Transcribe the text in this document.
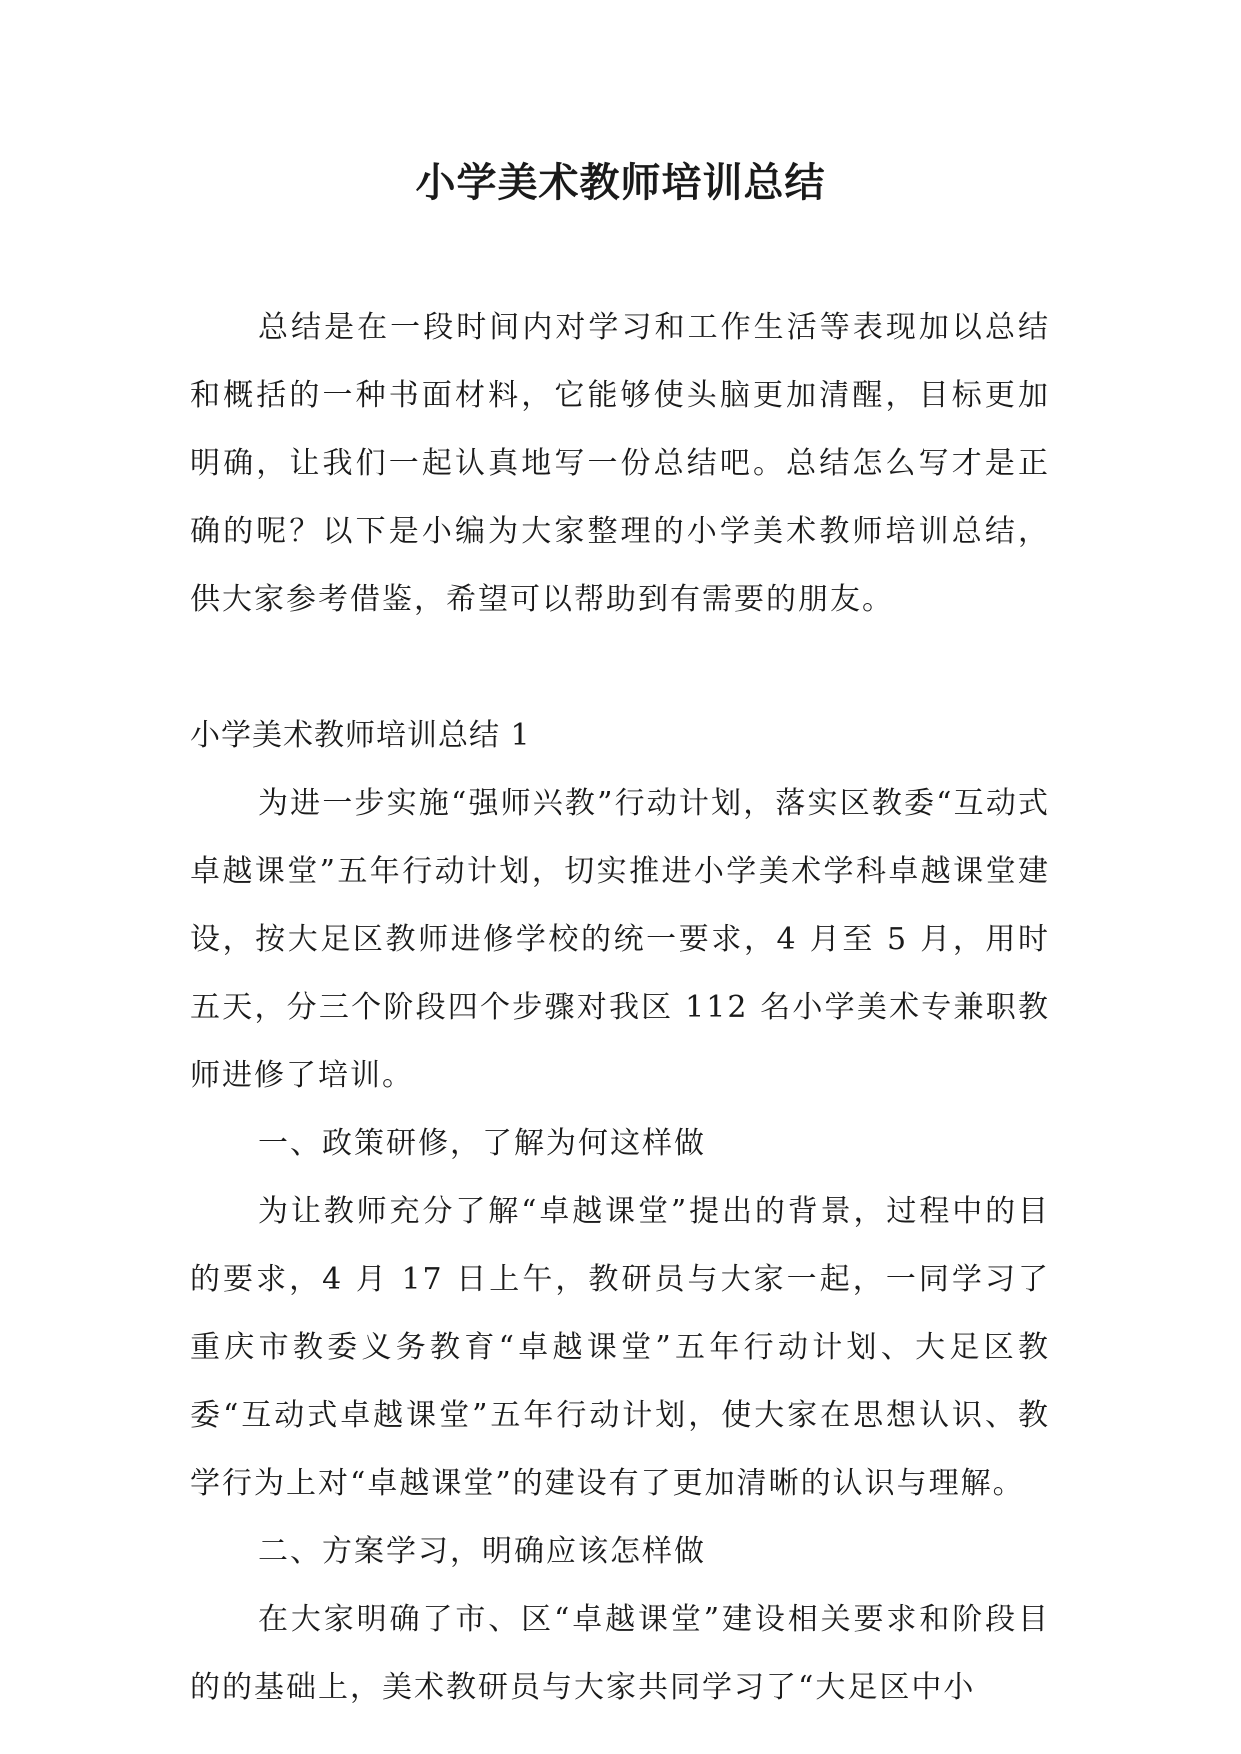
小学美术教师培训总结

总结是在一段时间内对学习和工作生活等表现加以总结和概括的一种书面材料，它能够使头脑更加清醒，目标更加明确，让我们一起认真地写一份总结吧。总结怎么写才是正确的呢？以下是小编为大家整理的小学美术教师培训总结，供大家参考借鉴，希望可以帮助到有需要的朋友。

小学美术教师培训总结 1

为进一步实施“强师兴教”行动计划，落实区教委“互动式卓越课堂”五年行动计划，切实推进小学美术学科卓越课堂建设，按大足区教师进修学校的统一要求，4 月至 5 月，用时五天，分三个阶段四个步骤对我区 112 名小学美术专兼职教师进修了培训。

一、政策研修，了解为何这样做

为让教师充分了解“卓越课堂”提出的背景，过程中的目的要求，4 月 17 日上午，教研员与大家一起，一同学习了重庆市教委义务教育“卓越课堂”五年行动计划、大足区教委“互动式卓越课堂”五年行动计划，使大家在思想认识、教学行为上对“卓越课堂”的建设有了更加清晰的认识与理解。

二、方案学习，明确应该怎样做

在大家明确了市、区“卓越课堂”建设相关要求和阶段目的的基础上，美术教研员与大家共同学习了“大足区中小
